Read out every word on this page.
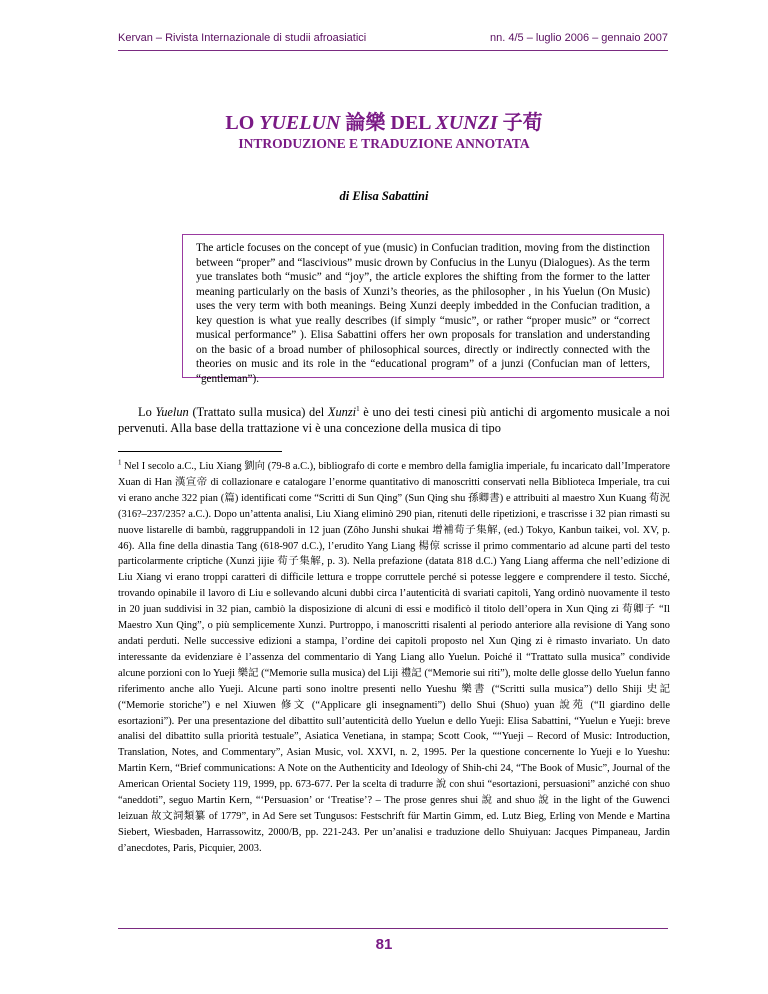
Kervan – Rivista Internazionale di studii afroasiatici	nn. 4/5 – luglio 2006 – gennaio 2007
LO YUELUN 論樂 DEL XUNZI 子荀
INTRODUZIONE E TRADUZIONE ANNOTATA
di Elisa Sabattini

The article focuses on the concept of yue (music) in Confucian tradition, moving from the distinction between “proper” and “lascivious” music drown by Confucius in the Lunyu (Dialogues). As the term yue translates both “music” and “joy”, the article explores the shifting from the former to the latter meaning particularly on the basis of Xunzi’s theories, as the philosopher , in his Yuelun (On Music) uses the very term with both meanings. Being Xunzi deeply imbedded in the Confucian tradition, a key question is what yue really describes (if simply “music”, or rather “proper music” or “correct musical performance” ). Elisa Sabattini offers her own proposals for translation and understanding on the basic of a broad number of philosophical sources, directly or indirectly connected with the theories on music and its role in the “educational program” of a junzi (Confucian man of letters, “gentleman”).

Lo Yuelun (Trattato sulla musica) del Xunzi$^1$ è uno dei testi cinesi più antichi di argomento musicale a noi pervenuti. Alla base della trattazione vi è una concezione della musica di tipo

$^1$ Nel I secolo a.C., Liu Xiang 劉向 (79-8 a.C.), bibliografo di corte e membro della famiglia imperiale, fu incaricato dall’Imperatore Xuan di Han 漢宣帝 di collazionare e catalogare l’enorme quantitativo di manoscritti conservati nella Biblioteca Imperiale, tra cui vi erano anche 322 pian (篇) identificati come “Scritti di Sun Qing” (Sun Qing shu 孫卿書) e attribuiti al maestro Xun Kuang 荀況 (316?–237/235? a.C.). Dopo un’attenta analisi, Liu Xiang eliminò 290 pian, ritenuti delle ripetizioni, e trascrisse i 32 pian rimasti su nuove listarelle di bambù, raggruppandoli in 12 juan (Zôho Junshi shukai 增補荀子集解, (ed.) Tokyo, Kanbun taikei, vol. XV, p. 46). Alla fine della dinastia Tang (618-907 d.C.), l’erudito Yang Liang 楊倞 scrisse il primo commentario ad alcune parti del testo particolarmente criptiche (Xunzi jijie 荀子集解, p. 3). Nella prefazione (datata 818 d.C.) Yang Liang afferma che nell’edizione di Liu Xiang vi erano troppi caratteri di difficile lettura e troppe corruttele perché si potesse leggere e comprendere il testo. Sicché, trovando opinabile il lavoro di Liu e sollevando alcuni dubbi circa l’autenticità di svariati capitoli, Yang ordinò nuovamente il testo in 20 juan suddivisi in 32 pian, cambiò la disposizione di alcuni di essi e modificò il titolo dell’opera in Xun Qing zi 荀卿子 “Il Maestro Xun Qing”, o più semplicemente Xunzi. Purtroppo, i manoscritti risalenti al periodo anteriore alla revisione di Yang sono andati perduti. Nelle successive edizioni a stampa, l’ordine dei capitoli proposto nel Xun Qing zi è rimasto invariato. Un dato interessante da evidenziare è l’assenza del commentario di Yang Liang allo Yuelun. Poiché il “Trattato sulla musica” condivide alcune porzioni con lo Yueji 樂記 (“Memorie sulla musica) del Liji 禮記 (“Memorie sui riti”), molte delle glosse dello Yuelun fanno riferimento anche allo Yueji. Alcune parti sono inoltre presenti nello Yueshu 樂書 (“Scritti sulla musica”) dello Shiji 史記 (“Memorie storiche”) e nel Xiuwen 修文 (“Applicare gli insegnamenti”) dello Shui (Shuo) yuan 說苑 (“Il giardino delle esortazioni”). Per una presentazione del dibattito sull’autenticità dello Yuelun e dello Yueji: Elisa Sabattini, “Yuelun e Yueji: breve analisi del dibattito sulla priorità testuale”, Asiatica Venetiana, in stampa; Scott Cook, ““Yueji – Record of Music: Introduction, Translation, Notes, and Commentary”, Asian Music, vol. XXVI, n. 2, 1995. Per la questione concernente lo Yueji e lo Yueshu: Martin Kern, “Brief communications: A Note on the Authenticity and Ideology of Shih-chi 24, “The Book of Music”, Journal of the American Oriental Society 119, 1999, pp. 673-677. Per la scelta di tradurre 說 con shui “esortazioni, persuasioni” anziché con shuo “aneddoti”, seguo Martin Kern, “‘Persuasion’ or ‘Treatise’? – The prose genres shui 說 and shuo 說 in the light of the Guwenci leizuan 故文詞類纂 of 1779”, in Ad Sere set Tungusos: Festschrift für Martin Gimm, ed. Lutz Bieg, Erling von Mende e Martina Siebert, Wiesbaden, Harrassowitz, 2000/B, pp. 221-243. Per un’analisi e traduzione dello Shuiyuan: Jacques Pimpaneau, Jardin d’anecdotes, Paris, Picquier, 2003.

81
